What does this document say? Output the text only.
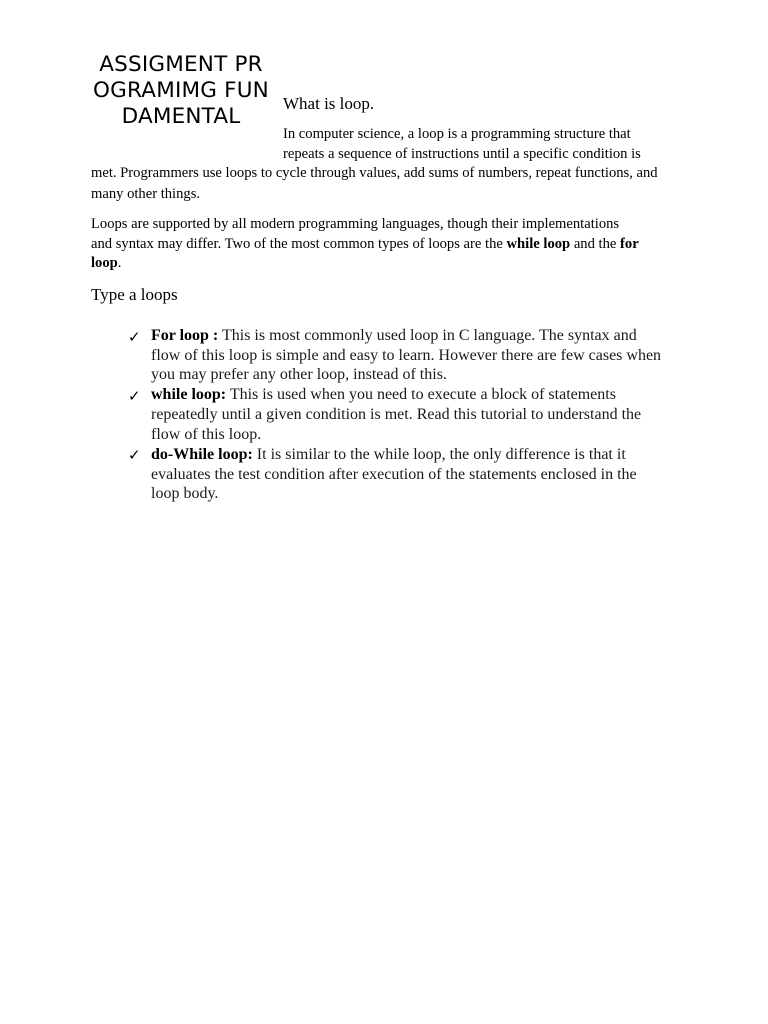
ASSIGMENT PROGRAMIMG FUNDAMENTAL
What is loop.
In computer science, a loop is a programming structure that
repeats a sequence of instructions until a specific condition is
met. Programmers use loops to cycle through values, add sums of numbers, repeat functions, and
many other things.
Loops are supported by all modern programming languages, though their implementations
and syntax may differ. Two of the most common types of loops are the while loop and the for
loop.
Type a loops
✓ For loop : This is most commonly used loop in C language. The syntax and
flow of this loop is simple and easy to learn. However there are few cases when
you may prefer any other loop, instead of this.
✓ while loop: This is used when you need to execute a block of statements
repeatedly until a given condition is met. Read this tutorial to understand the
flow of this loop.
✓ do-While loop: It is similar to the while loop, the only difference is that it
evaluates the test condition after execution of the statements enclosed in the
loop body.
